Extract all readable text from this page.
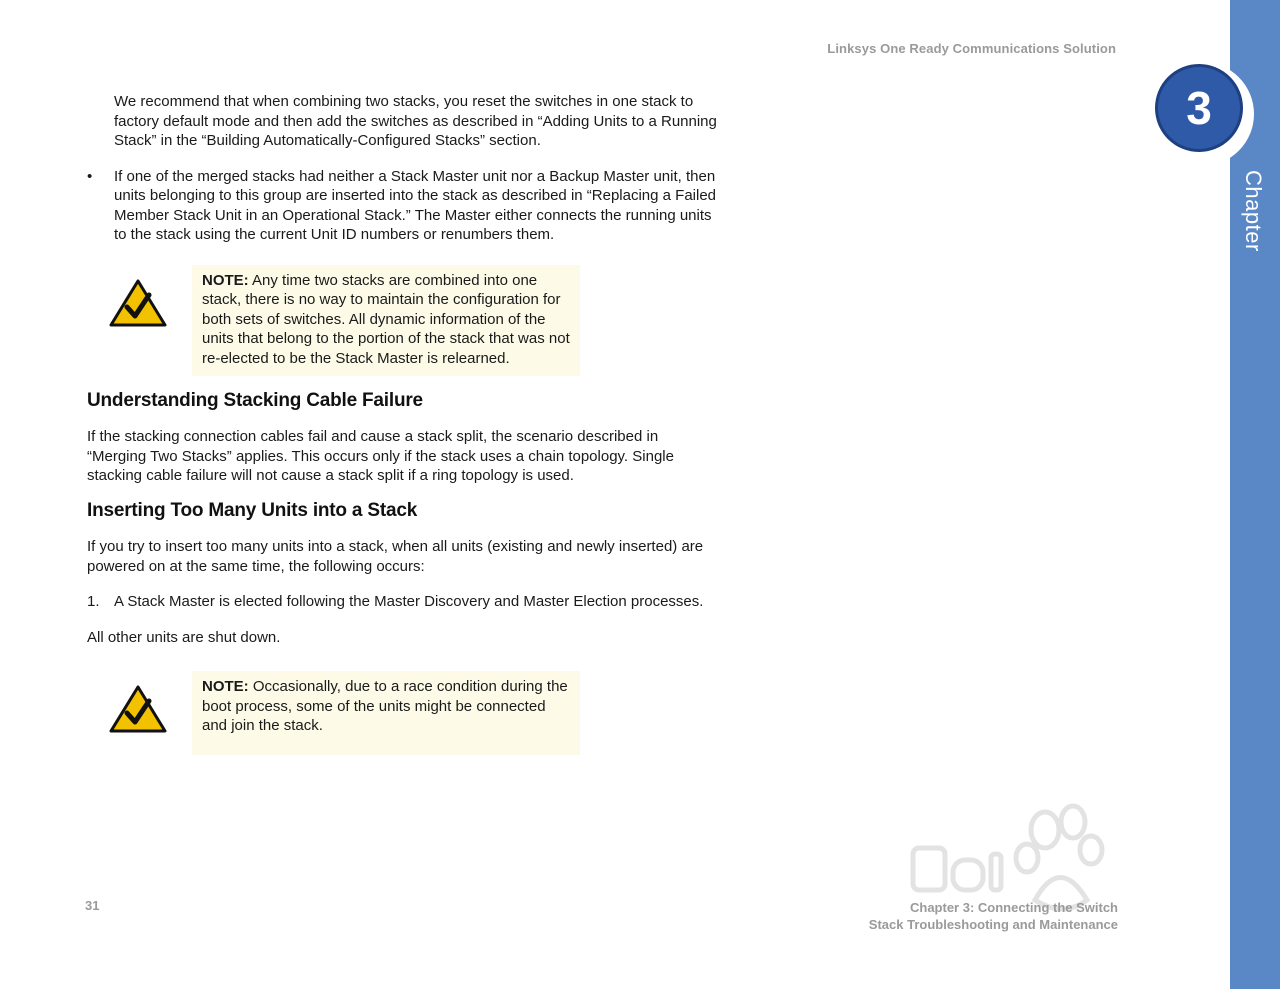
Linksys One Ready Communications Solution
3
Chapter

We recommend that when combining two stacks, you reset the switches in one stack to factory default mode and then add the switches as described in “Adding Units to a Running Stack” in the “Building Automatically-Configured Stacks” section.

• If one of the merged stacks had neither a Stack Master unit nor a Backup Master unit, then units belonging to this group are inserted into the stack as described in “Replacing a Failed Member Stack Unit in an Operational Stack.” The Master either connects the running units to the stack using the current Unit ID numbers or renumbers them.
NOTE: Any time two stacks are combined into one stack, there is no way to maintain the configuration for both sets of switches. All dynamic information of the units that belong to the portion of the stack that was not re-elected to be the Stack Master is relearned.
Understanding Stacking Cable Failure

If the stacking connection cables fail and cause a stack split, the scenario described in “Merging Two Stacks” applies. This occurs only if the stack uses a chain topology. Single stacking cable failure will not cause a stack split if a ring topology is used.

Inserting Too Many Units into a Stack

If you try to insert too many units into a stack, when all units (existing and newly inserted) are powered on at the same time, the following occurs:

1. A Stack Master is elected following the Master Discovery and Master Election processes.

All other units are shut down.

NOTE: Occasionally, due to a race condition during the boot process, some of the units might be connected and join the stack.
31	Chapter 3: Connecting the Switch
Stack Troubleshooting and Maintenance
